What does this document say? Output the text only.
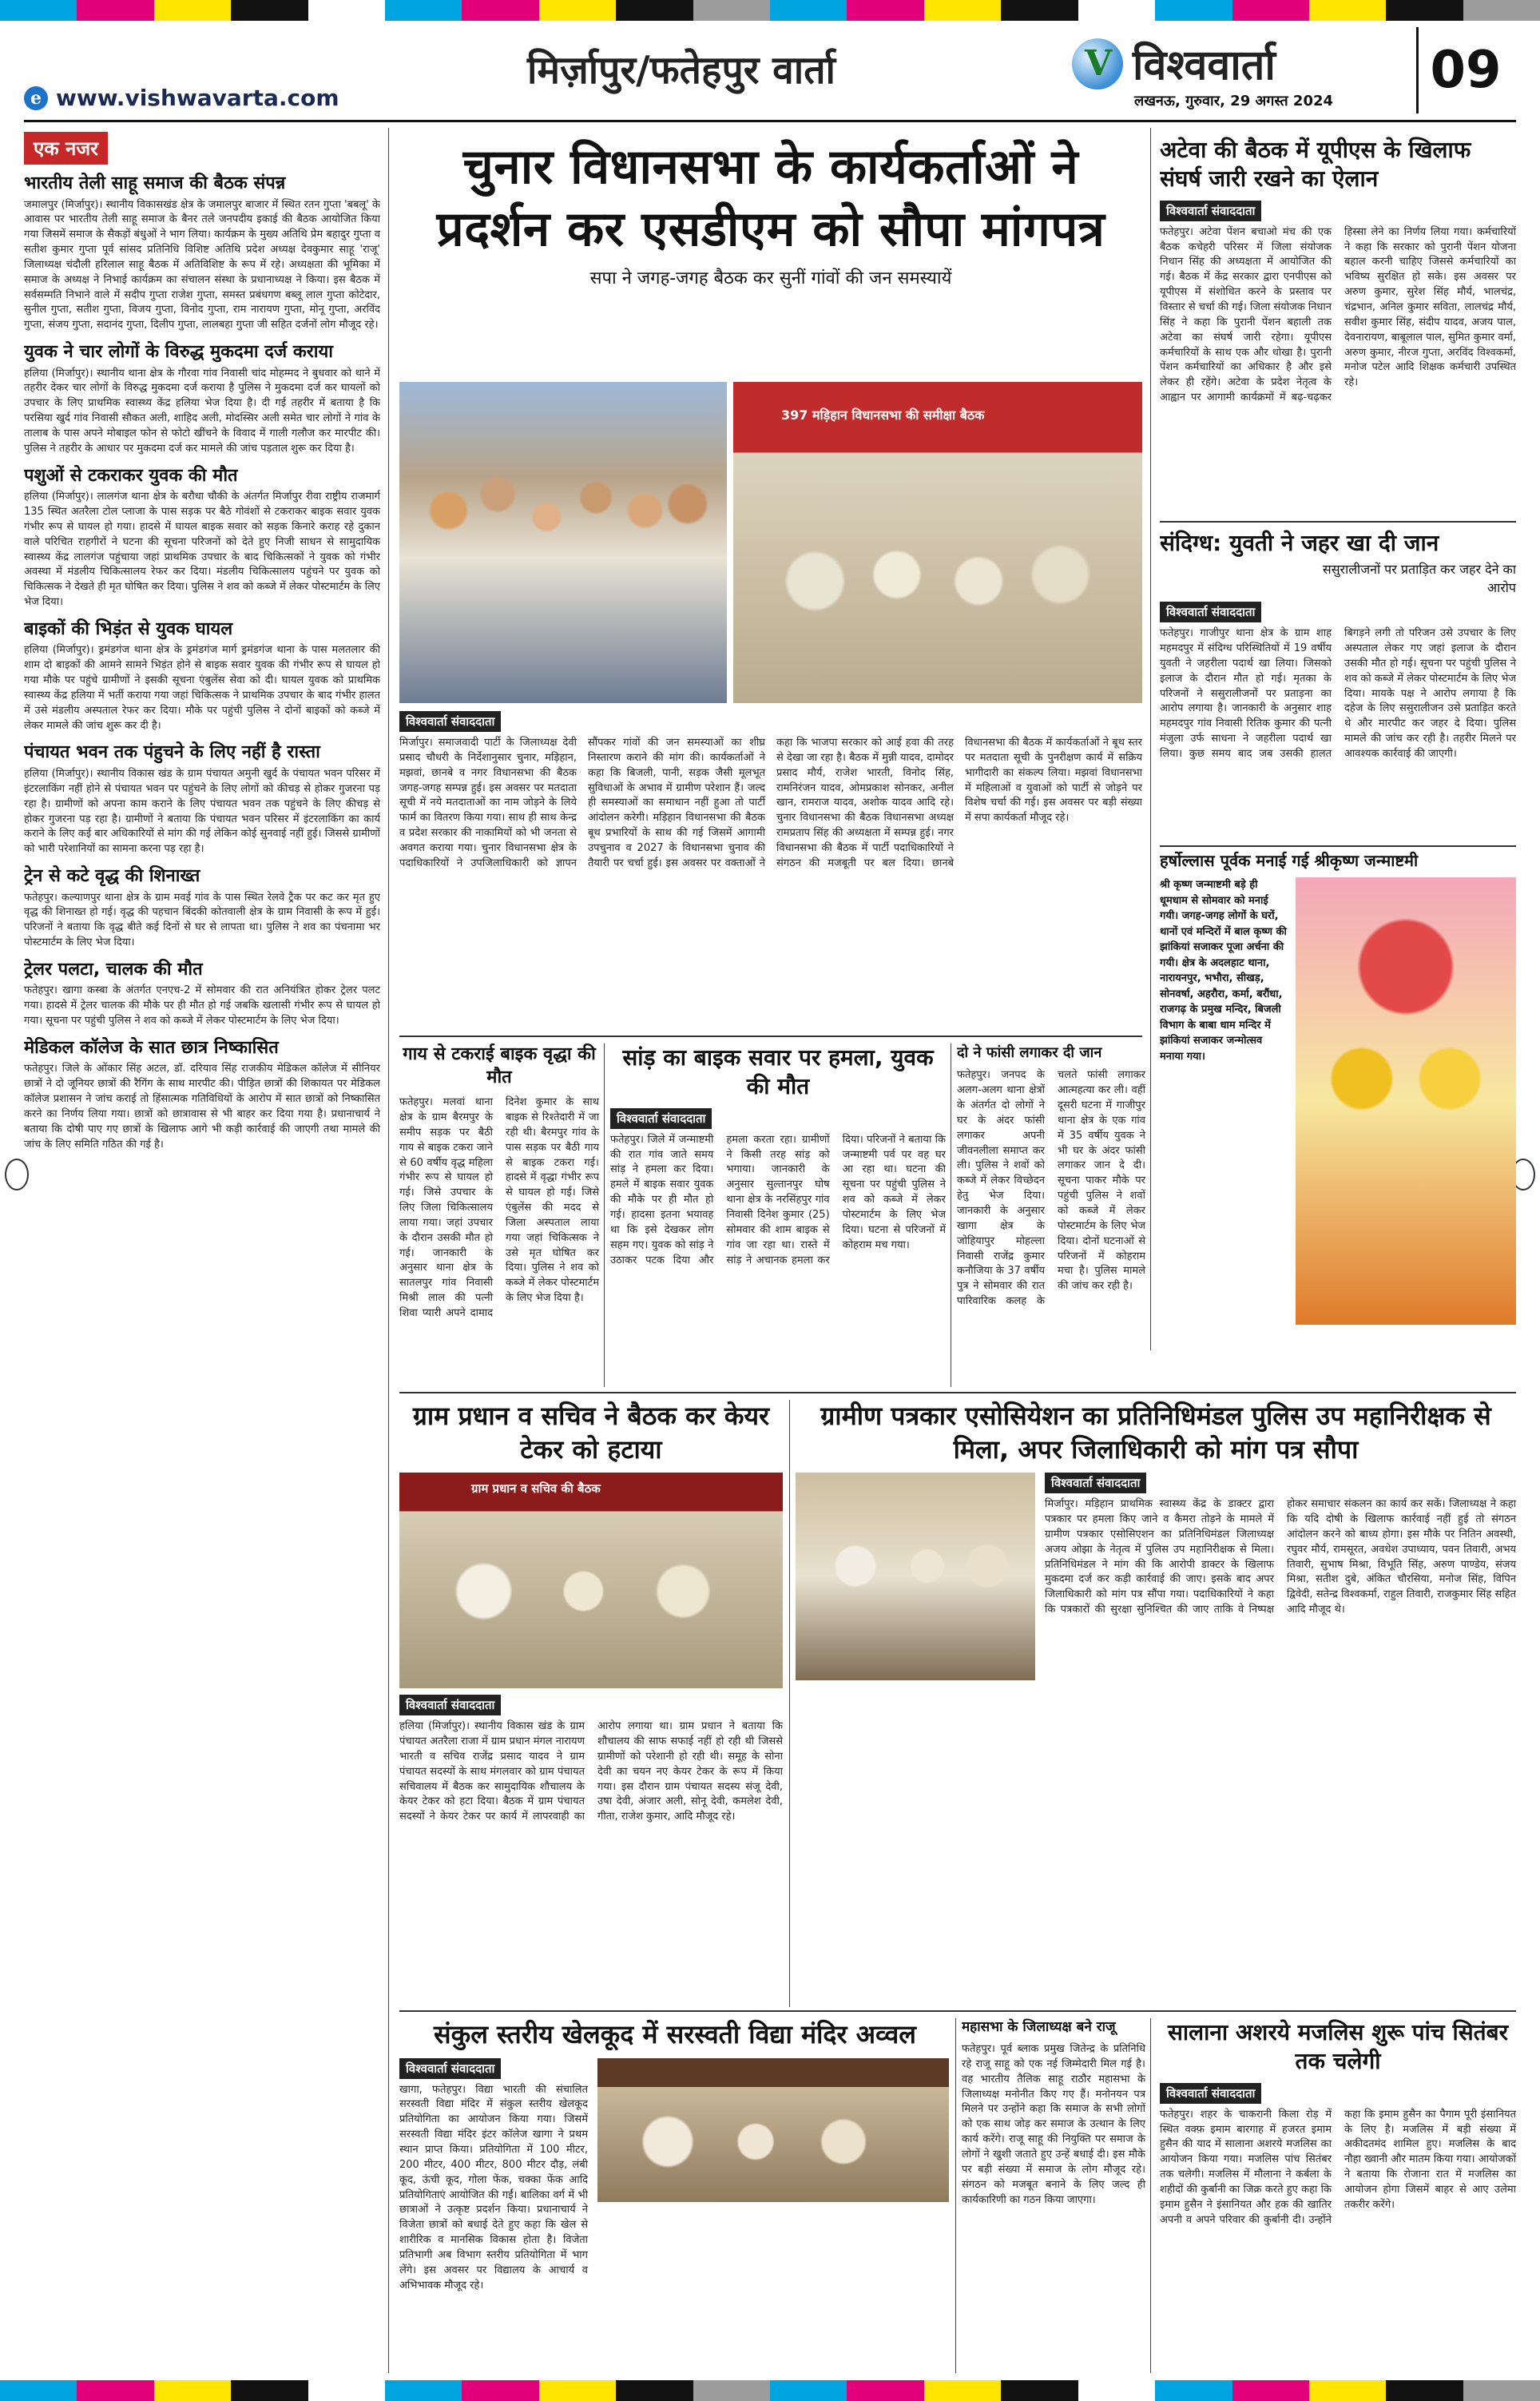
मिर्ज़ापुर/फतेहपुर वार्ता
e www.vishwavarta.com
V
विश्ववार्ता
लखनऊ, गुरुवार, 29 अगस्त 2024
09
एक नजर
भारतीय तेली साहू समाज की बैठक संपन्न

जमालपुर (मिर्जापुर)। स्थानीय विकासखंड क्षेत्र के जमालपुर बाजार में स्थित रतन गुप्ता 'बबलू' के आवास पर भारतीय तेली साहू समाज के बैनर तले जनपदीय इकाई की बैठक आयोजित किया गया जिसमें समाज के सैकड़ों बंधुओं ने भाग लिया। कार्यक्रम के मुख्य अतिथि प्रेम बहादुर गुप्ता व सतीश कुमार गुप्ता पूर्व सांसद प्रतिनिधि विशिष्ट अतिथि प्रदेश अध्यक्ष देवकुमार साहू 'राजू' जिलाध्यक्ष चंदौली हरिलाल साहू बैठक में अतिविशिष्ट के रूप में रहे। अध्यक्षता की भूमिका में समाज के अध्यक्ष ने निभाई कार्यक्रम का संचालन संस्था के प्रधानाध्यक्ष ने किया। इस बैठक में सर्वसम्मति निभाने वाले में सदीप गुप्ता राजेश गुप्ता, समस्त प्रबंधगण बब्लू लाल गुप्ता कोटेदार, सुनील गुप्ता, सतीश गुप्ता, विजय गुप्ता, विनोद गुप्ता, राम नारायण गुप्ता, मोनू गुप्ता, अरविंद गुप्ता, संजय गुप्ता, सदानंद गुप्ता, दिलीप गुप्ता, लालबहा गुप्ता जी सहित दर्जनों लोग मौजूद रहे।

युवक ने चार लोगों के विरुद्ध मुकदमा दर्ज कराया

हलिया (मिर्जापुर)। स्थानीय थाना क्षेत्र के गौरवा गांव निवासी चांद मोहम्मद ने बुधवार को थाने में तहरीर देकर चार लोगों के विरुद्ध मुकदमा दर्ज कराया है पुलिस ने मुकदमा दर्ज कर घायलों को उपचार के लिए प्राथमिक स्वास्थ्य केंद्र हलिया भेज दिया है। दी गई तहरीर में बताया है कि परसिया खुर्द गांव निवासी सौकत अली, शाहिद अली, मोदस्सिर अली समेत चार लोगों ने गांव के तालाब के पास अपने मोबाइल फोन से फोटो खींचने के विवाद में गाली गलौज कर मारपीट की। पुलिस ने तहरीर के आधार पर मुकदमा दर्ज कर मामले की जांच पड़ताल शुरू कर दिया है।

पशुओं से टकराकर युवक की मौत

हलिया (मिर्जापुर)। लालगंज थाना क्षेत्र के बरौधा चौकी के अंतर्गत मिर्जापुर रीवा राष्ट्रीय राजमार्ग 135 स्थित अतरैला टोल प्लाजा के पास सड़क पर बैठे गोवंशों से टकराकर बाइक सवार युवक गंभीर रूप से घायल हो गया। हादसे में घायल बाइक सवार को सड़क किनारे कराह रहे दुकान वाले परिचित राहगीरों ने घटना की सूचना परिजनों को देते हुए निजी साधन से सामुदायिक स्वास्थ्य केंद्र लालगंज पहुंचाया जहां प्राथमिक उपचार के बाद चिकित्सकों ने युवक को गंभीर अवस्था में मंडलीय चिकित्सालय रेफर कर दिया। मंडलीय चिकित्सालय पहुंचने पर युवक को चिकित्सक ने देखते ही मृत घोषित कर दिया। पुलिस ने शव को कब्जे में लेकर पोस्टमार्टम के लिए भेज दिया।

बाइकों की भिड़ंत से युवक घायल

हलिया (मिर्जापुर)। ड्रमंडगंज थाना क्षेत्र के ड्रमंडगंज मार्ग ड्रमंडगंज थाना के पास मलतलार की शाम दो बाइकों की आमने सामने भिड़ंत होने से बाइक सवार युवक की गंभीर रूप से घायल हो गया मौके पर पहुंचे ग्रामीणों ने इसकी सूचना एंबुलेंस सेवा को दी। घायल युवक को प्राथमिक स्वास्थ्य केंद्र हलिया में भर्ती कराया गया जहां चिकित्सक ने प्राथमिक उपचार के बाद गंभीर हालत में उसे मंडलीय अस्पताल रेफर कर दिया। मौके पर पहुंची पुलिस ने दोनों बाइकों को कब्जे में लेकर मामले की जांच शुरू कर दी है।

पंचायत भवन तक पंहुचने के लिए नहीं है रास्ता

हलिया (मिर्जापुर)। स्थानीय विकास खंड के ग्राम पंचायत अमुनी खुर्द के पंचायत भवन परिसर में इंटरलाकिंग नहीं होने से पंचायत भवन पर पहुंचने के लिए लोगों को कीचड़ से होकर गुजरना पड़ रहा है। ग्रामीणों को अपना काम कराने के लिए पंचायत भवन तक पहुंचने के लिए कीचड़ से होकर गुजरना पड़ रहा है। ग्रामीणों ने बताया कि पंचायत भवन परिसर में इंटरलाकिंग का कार्य कराने के लिए कई बार अधिकारियों से मांग की गई लेकिन कोई सुनवाई नहीं हुई। जिससे ग्रामीणों को भारी परेशानियों का सामना करना पड़ रहा है।

ट्रेन से कटे वृद्ध की शिनाख्त

फतेहपुर। कल्याणपुर थाना क्षेत्र के ग्राम मवई गांव के पास स्थित रेलवे ट्रैक पर कट कर मृत हुए वृद्ध की शिनाख्त हो गई। वृद्ध की पहचान बिंदकी कोतवाली क्षेत्र के ग्राम निवासी के रूप में हुई। परिजनों ने बताया कि वृद्ध बीते कई दिनों से घर से लापता था। पुलिस ने शव का पंचनामा भर पोस्टमार्टम के लिए भेज दिया।

ट्रेलर पलटा, चालक की मौत

फतेहपुर। खागा कस्बा के अंतर्गत एनएच-2 में सोमवार की रात अनियंत्रित होकर ट्रेलर पलट गया। हादसे में ट्रेलर चालक की मौके पर ही मौत हो गई जबकि खलासी गंभीर रूप से घायल हो गया। सूचना पर पहुंची पुलिस ने शव को कब्जे में लेकर पोस्टमार्टम के लिए भेज दिया।

मेडिकल कॉलेज के सात छात्र निष्कासित

फतेहपुर। जिले के ओंकार सिंह अटल, डॉ. दरियाव सिंह राजकीय मेडिकल कॉलेज में सीनियर छात्रों ने दो जूनियर छात्रों की रैगिंग के साथ मारपीट की। पीड़ित छात्रों की शिकायत पर मेडिकल कॉलेज प्रशासन ने जांच कराई तो हिंसात्मक गतिविधियों के आरोप में सात छात्रों को निष्कासित करने का निर्णय लिया गया। छात्रों को छात्रावास से भी बाहर कर दिया गया है। प्रधानाचार्य ने बताया कि दोषी पाए गए छात्रों के खिलाफ आगे भी कड़ी कार्रवाई की जाएगी तथा मामले की जांच के लिए समिति गठित की गई है।

चुनार विधानसभा के कार्यकर्ताओं ने
प्रदर्शन कर एसडीएम को सौपा मांगपत्र
सपा ने जगह-जगह बैठक कर सुनीं गांवों की जन समस्यायें
397 मड़िहान विधानसभा की समीक्षा बैठक
विश्ववार्ता संवाददाता

मिर्जापुर। समाजवादी पार्टी के जिलाध्यक्ष देवी प्रसाद चौधरी के निर्देशानुसार चुनार, मड़िहान, मझवां, छानबे व नगर विधानसभा की बैठक जगह-जगह सम्पन्न हुई। इस अवसर पर मतदाता सूची में नये मतदाताओं का नाम जोड़ने के लिये फार्म का वितरण किया गया। साथ ही साथ केन्द्र व प्रदेश सरकार की नाकामियों को भी जनता से अवगत कराया गया। चुनार विधानसभा क्षेत्र के पदाधिकारियों ने उपजिलाधिकारी को ज्ञापन सौंपकर गांवों की जन समस्याओं का शीघ्र निस्तारण कराने की मांग की। कार्यकर्ताओं ने कहा कि बिजली, पानी, सड़क जैसी मूलभूत सुविधाओं के अभाव में ग्रामीण परेशान हैं। जल्द ही समस्याओं का समाधान नहीं हुआ तो पार्टी आंदोलन करेगी। मड़िहान विधानसभा की बैठक बूथ प्रभारियों के साथ की गई जिसमें आगामी उपचुनाव व 2027 के विधानसभा चुनाव की तैयारी पर चर्चा हुई। इस अवसर पर वक्ताओं ने कहा कि भाजपा सरकार को आई हवा की तरह से देखा जा रहा है। बैठक में मुन्नी यादव, दामोदर प्रसाद मौर्य, राजेश भारती, विनोद सिंह, रामनिरंजन यादव, ओमप्रकाश सोनकर, अनील खान, रामराज यादव, अशोक यादव आदि रहे। चुनार विधानसभा की बैठक विधानसभा अध्यक्ष रामप्रताप सिंह की अध्यक्षता में सम्पन्न हुई। नगर विधानसभा की बैठक में पार्टी पदाधिकारियों ने संगठन की मजबूती पर बल दिया। छानबे विधानसभा की बैठक में कार्यकर्ताओं ने बूथ स्तर पर मतदाता सूची के पुनरीक्षण कार्य में सक्रिय भागीदारी का संकल्प लिया। मझवां विधानसभा में महिलाओं व युवाओं को पार्टी से जोड़ने पर विशेष चर्चा की गई। इस अवसर पर बड़ी संख्या में सपा कार्यकर्ता मौजूद रहे।

अटेवा की बैठक में यूपीएस के खिलाफ संघर्ष जारी रखने का ऐलान
विश्ववार्ता संवाददाता

फतेहपुर। अटेवा पेंशन बचाओ मंच की एक बैठक कचेहरी परिसर में जिला संयोजक निधान सिंह की अध्यक्षता में आयोजित की गई। बैठक में केंद्र सरकार द्वारा एनपीएस को यूपीएस में संशोधित करने के प्रस्ताव पर विस्तार से चर्चा की गई। जिला संयोजक निधान सिंह ने कहा कि पुरानी पेंशन बहाली तक अटेवा का संघर्ष जारी रहेगा। यूपीएस कर्मचारियों के साथ एक और धोखा है। पुरानी पेंशन कर्मचारियों का अधिकार है और इसे लेकर ही रहेंगे। अटेवा के प्रदेश नेतृत्व के आह्वान पर आगामी कार्यक्रमों में बढ़-चढ़कर हिस्सा लेने का निर्णय लिया गया। कर्मचारियों ने कहा कि सरकार को पुरानी पेंशन योजना बहाल करनी चाहिए जिससे कर्मचारियों का भविष्य सुरक्षित हो सके। इस अवसर पर अरुण कुमार, सुरेश सिंह मौर्य, भालचंद्र, चंद्रभान, अनिल कुमार सविता, लालचंद्र मौर्य, सवीश कुमार सिंह, संदीप यादव, अजय पाल, देवनारायण, बाबूलाल पाल, सुमित कुमार वर्मा, अरुण कुमार, नीरज गुप्ता, अरविंद विश्वकर्मा, मनोज पटेल आदि शिक्षक कर्मचारी उपस्थित रहे।

संदिग्ध: युवती ने जहर खा दी जान
ससुरालीजनों पर प्रताड़ित कर जहर देने का आरोप
विश्ववार्ता संवाददाता

फतेहपुर। गाजीपुर थाना क्षेत्र के ग्राम शाह महमदपुर में संदिग्ध परिस्थितियों में 19 वर्षीय युवती ने जहरीला पदार्थ खा लिया। जिसको इलाज के दौरान मौत हो गई। मृतका के परिजनों ने ससुरालीजनों पर प्रताड़ना का आरोप लगाया है। जानकारी के अनुसार शाह महमदपुर गांव निवासी रितिक कुमार की पत्नी मंजुला उर्फ साधना ने जहरीला पदार्थ खा लिया। कुछ समय बाद जब उसकी हालत बिगड़ने लगी तो परिजन उसे उपचार के लिए अस्पताल लेकर गए जहां इलाज के दौरान उसकी मौत हो गई। सूचना पर पहुंची पुलिस ने शव को कब्जे में लेकर पोस्टमार्टम के लिए भेज दिया। मायके पक्ष ने आरोप लगाया है कि दहेज के लिए ससुरालीजन उसे प्रताड़ित करते थे और मारपीट कर जहर दे दिया। पुलिस मामले की जांच कर रही है। तहरीर मिलने पर आवश्यक कार्रवाई की जाएगी।

हर्षोल्लास पूर्वक मनाई गई श्रीकृष्ण जन्माष्टमी
श्री कृष्ण जन्माष्टमी बड़े ही धूमधाम से सोमवार को मनाई गयी। जगह-जगह लोगों के घरों, थानों एवं मन्दिरों में बाल कृष्ण की झांकियां सजाकर पूजा अर्चना की गयी। क्षेत्र के अदलहाट थाना, नारायनपुर, भभौरा, सीखड़, सोनवर्षा, अहरौरा, कर्मा, बरौंधा, राजगढ़ के प्रमुख मन्दिर, बिजली विभाग के बाबा धाम मन्दिर में झांकियां सजाकर जन्मोत्सव मनाया गया।
गाय से टकराई बाइक वृद्धा की मौत

फतेहपुर। मलवां थाना क्षेत्र के ग्राम बैरमपुर के समीप सड़क पर बैठी गाय से बाइक टकरा जाने से 60 वर्षीय वृद्ध महिला गंभीर रूप से घायल हो गई। जिसे उपचार के लिए जिला चिकित्सालय लाया गया। जहां उपचार के दौरान उसकी मौत हो गई। जानकारी के अनुसार थाना क्षेत्र के सातलपुर गांव निवासी मिश्री लाल की पत्नी शिवा प्यारी अपने दामाद दिनेश कुमार के साथ बाइक से रिश्तेदारी में जा रही थी। बैरमपुर गांव के पास सड़क पर बैठी गाय से बाइक टकरा गई। हादसे में वृद्धा गंभीर रूप से घायल हो गई। जिसे एंबुलेंस की मदद से जिला अस्पताल लाया गया जहां चिकित्सक ने उसे मृत घोषित कर दिया। पुलिस ने शव को कब्जे में लेकर पोस्टमार्टम के लिए भेज दिया है।

सांड़ का बाइक सवार पर हमला, युवक की मौत
विश्ववार्ता संवाददाता

फतेहपुर। जिले में जन्माष्टमी की रात गांव जाते समय सांड़ ने हमला कर दिया। हमले में बाइक सवार युवक की मौके पर ही मौत हो गई। हादसा इतना भयावह था कि इसे देखकर लोग सहम गए। युवक को सांड़ ने उठाकर पटक दिया और हमला करता रहा। ग्रामीणों ने किसी तरह सांड़ को भगाया। जानकारी के अनुसार सुल्तानपुर घोष थाना क्षेत्र के नरसिंहपुर गांव निवासी दिनेश कुमार (25) सोमवार की शाम बाइक से गांव जा रहा था। रास्ते में सांड़ ने अचानक हमला कर दिया। परिजनों ने बताया कि जन्माष्टमी पर्व पर वह घर आ रहा था। घटना की सूचना पर पहुंची पुलिस ने शव को कब्जे में लेकर पोस्टमार्टम के लिए भेज दिया। घटना से परिजनों में कोहराम मच गया।

दो ने फांसी लगाकर दी जान

फतेहपुर। जनपद के अलग-अलग थाना क्षेत्रों के अंतर्गत दो लोगों ने घर के अंदर फांसी लगाकर अपनी जीवनलीला समाप्त कर ली। पुलिस ने शवों को कब्जे में लेकर विच्छेदन हेतु भेज दिया। जानकारी के अनुसार खागा क्षेत्र के जोहियापुर मोहल्ला निवासी राजेंद्र कुमार कनौजिया के 37 वर्षीय पुत्र ने सोमवार की रात पारिवारिक कलह के चलते फांसी लगाकर आत्महत्या कर ली। वहीं दूसरी घटना में गाजीपुर थाना क्षेत्र के एक गांव में 35 वर्षीय युवक ने भी घर के अंदर फांसी लगाकर जान दे दी। सूचना पाकर मौके पर पहुंची पुलिस ने शवों को कब्जे में लेकर पोस्टमार्टम के लिए भेज दिया। दोनों घटनाओं से परिजनों में कोहराम मचा है। पुलिस मामले की जांच कर रही है।

ग्राम प्रधान व सचिव ने बैठक कर केयर टेकर को हटाया
ग्राम प्रधान व सचिव की बैठक
विश्ववार्ता संवाददाता

हलिया (मिर्जापुर)। स्थानीय विकास खंड के ग्राम पंचायत अतरैला राजा में ग्राम प्रधान मंगल नारायण भारती व सचिव राजेंद्र प्रसाद यादव ने ग्राम पंचायत सदस्यों के साथ मंगलवार को ग्राम पंचायत सचिवालय में बैठक कर सामुदायिक शौचालय के केयर टेकर को हटा दिया। बैठक में ग्राम पंचायत सदस्यों ने केयर टेकर पर कार्य में लापरवाही का आरोप लगाया था। ग्राम प्रधान ने बताया कि शौचालय की साफ सफाई नहीं हो रही थी जिससे ग्रामीणों को परेशानी हो रही थी। समूह के सोना देवी का चयन नए केयर टेकर के रूप में किया गया। इस दौरान ग्राम पंचायत सदस्य संजू देवी, उषा देवी, अंजार अली, सोनू देवी, कमलेश देवी, गीता, राजेश कुमार, आदि मौजूद रहे।

ग्रामीण पत्रकार एसोसियेशन का प्रतिनिधिमंडल पुलिस उप महानिरीक्षक से मिला, अपर जिलाधिकारी को मांग पत्र सौपा
विश्ववार्ता संवाददाता

मिर्जापुर। मड़िहान प्राथमिक स्वास्थ्य केंद्र के डाक्टर द्वारा पत्रकार पर हमला किए जाने व कैमरा तोड़ने के मामले में ग्रामीण पत्रकार एसोसिएशन का प्रतिनिधिमंडल जिलाध्यक्ष अजय ओझा के नेतृत्व में पुलिस उप महानिरीक्षक से मिला। प्रतिनिधिमंडल ने मांग की कि आरोपी डाक्टर के खिलाफ मुकदमा दर्ज कर कड़ी कार्रवाई की जाए। इसके बाद अपर जिलाधिकारी को मांग पत्र सौंपा गया। पदाधिकारियों ने कहा कि पत्रकारों की सुरक्षा सुनिश्चित की जाए ताकि वे निष्पक्ष होकर समाचार संकलन का कार्य कर सकें। जिलाध्यक्ष ने कहा कि यदि दोषी के खिलाफ कार्रवाई नहीं हुई तो संगठन आंदोलन करने को बाध्य होगा। इस मौके पर नितिन अवस्थी, रघुवर मौर्य, रामसूरत, अवधेश उपाध्याय, पवन तिवारी, अभय तिवारी, सुभाष मिश्रा, विभूति सिंह, अरुण पाण्डेय, संजय मिश्रा, सतीश दुबे, अंकित चौरसिया, मनोज सिंह, विपिन द्विवेदी, सतेन्द्र विश्वकर्मा, राहुल तिवारी, राजकुमार सिंह सहित आदि मौजूद थे।

संकुल स्तरीय खेलकूद में सरस्वती विद्या मंदिर अव्वल
विश्ववार्ता संवाददाता

खागा, फतेहपुर। विद्या भारती की संचालित सरस्वती विद्या मंदिर में संकुल स्तरीय खेलकूद प्रतियोगिता का आयोजन किया गया। जिसमें सरस्वती विद्या मंदिर इंटर कॉलेज खागा ने प्रथम स्थान प्राप्त किया। प्रतियोगिता में 100 मीटर, 200 मीटर, 400 मीटर, 800 मीटर दौड़, लंबी कूद, ऊंची कूद, गोला फेंक, चक्का फेंक आदि प्रतियोगिताएं आयोजित की गईं। बालिका वर्ग में भी छात्राओं ने उत्कृष्ट प्रदर्शन किया। प्रधानाचार्य ने विजेता छात्रों को बधाई देते हुए कहा कि खेल से शारीरिक व मानसिक विकास होता है। विजेता प्रतिभागी अब विभाग स्तरीय प्रतियोगिता में भाग लेंगे। इस अवसर पर विद्यालय के आचार्य व अभिभावक मौजूद रहे।

महासभा के जिलाध्यक्ष बने राजू

फतेहपुर। पूर्व ब्लाक प्रमुख जितेन्द्र के प्रतिनिधि रहे राजू साहू को एक नई जिम्मेदारी मिल गई है। वह भारतीय तैलिक साहू राठौर महासभा के जिलाध्यक्ष मनोनीत किए गए हैं। मनोनयन पत्र मिलने पर उन्होंने कहा कि समाज के सभी लोगों को एक साथ जोड़ कर समाज के उत्थान के लिए कार्य करेंगे। राजू साहू की नियुक्ति पर समाज के लोगों ने खुशी जताते हुए उन्हें बधाई दी। इस मौके पर बड़ी संख्या में समाज के लोग मौजूद रहे। संगठन को मजबूत बनाने के लिए जल्द ही कार्यकारिणी का गठन किया जाएगा।

सालाना अशरये मजलिस शुरू पांच सितंबर तक चलेगी
विश्ववार्ता संवाददाता

फतेहपुर। शहर के चाकरानी किला रोड़ में स्थित वक्फ़ इमाम बारगाह में हजरत इमाम हुसैन की याद में सालाना अशरये मजलिस का आयोजन किया गया। मजलिस पांच सितंबर तक चलेगी। मजलिस में मौलाना ने कर्बला के शहीदों की कुर्बानी का जिक्र करते हुए कहा कि इमाम हुसैन ने इंसानियत और हक की खातिर अपनी व अपने परिवार की कुर्बानी दी। उन्होंने कहा कि इमाम हुसैन का पैगाम पूरी इंसानियत के लिए है। मजलिस में बड़ी संख्या में अकीदतमंद शामिल हुए। मजलिस के बाद नौहा ख्वानी और मातम किया गया। आयोजकों ने बताया कि रोजाना रात में मजलिस का आयोजन होगा जिसमें बाहर से आए उलेमा तकरीर करेंगे।
